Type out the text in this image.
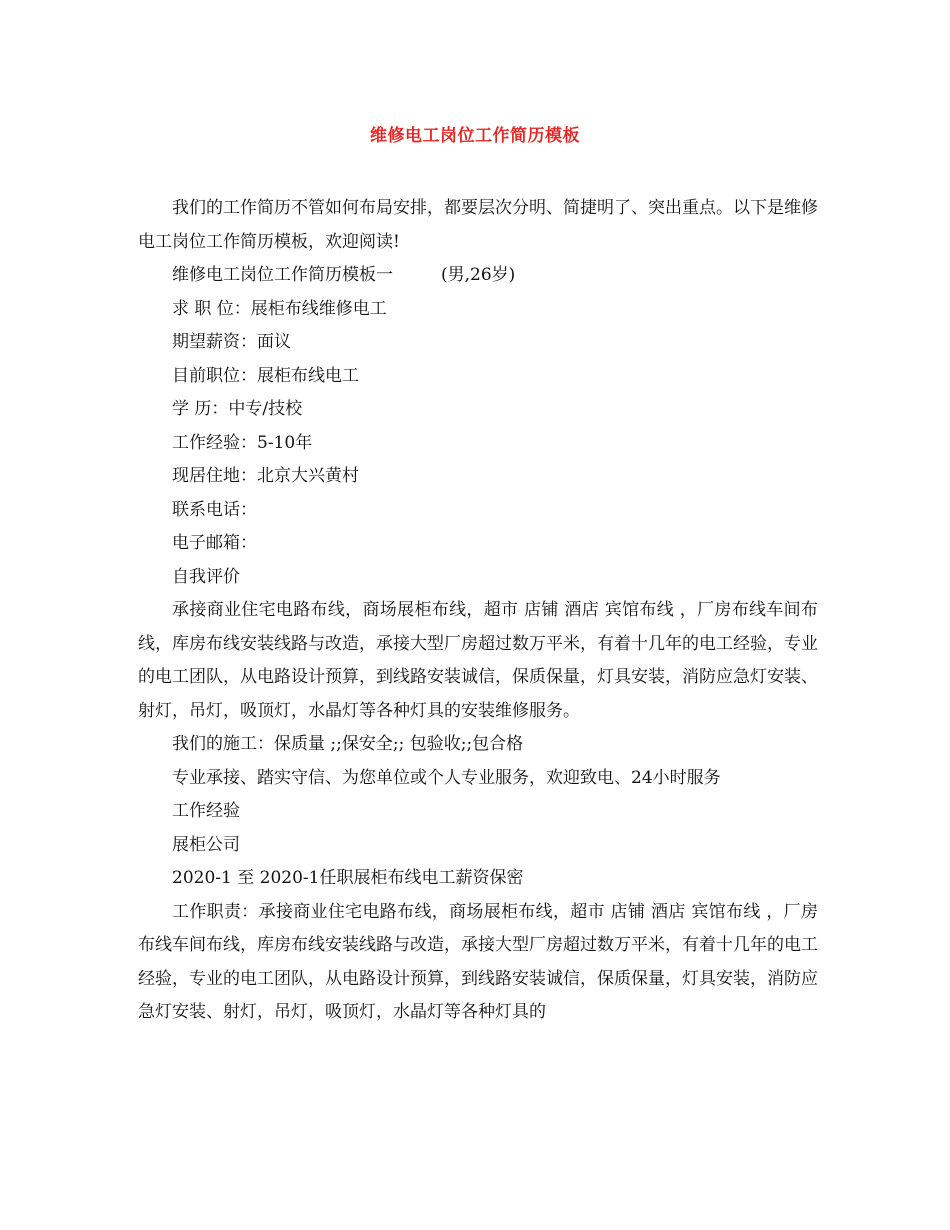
维修电工岗位工作简历模板

我们的工作简历不管如何布局安排，都要层次分明、简捷明了、突出重点。以下是维修电工岗位工作简历模板，欢迎阅读!

维修电工岗位工作简历模板一	(男,26岁)

求 职 位：展柜布线维修电工

期望薪资：面议

目前职位：展柜布线电工

学 历：中专/技校

工作经验：5-10年

现居住地：北京大兴黄村

联系电话：

电子邮箱：

自我评价

承接商业住宅电路布线，商场展柜布线，超市 店铺 酒店 宾馆布线 ，厂房布线车间布线，库房布线安装线路与改造，承接大型厂房超过数万平米，有着十几年的电工经验，专业的电工团队，从电路设计预算，到线路安装诚信，保质保量，灯具安装，消防应急灯安装、射灯，吊灯，吸顶灯，水晶灯等各种灯具的安装维修服务。

我们的施工：保质量 ;;保安全;; 包验收;;包合格

专业承接、踏实守信、为您单位或个人专业服务，欢迎致电、24小时服务

工作经验

展柜公司

2020-1 至 2020-1任职展柜布线电工薪资保密

工作职责：承接商业住宅电路布线，商场展柜布线，超市 店铺 酒店 宾馆布线 ，厂房布线车间布线，库房布线安装线路与改造，承接大型厂房超过数万平米，有着十几年的电工经验，专业的电工团队，从电路设计预算，到线路安装诚信，保质保量，灯具安装，消防应急灯安装、射灯，吊灯，吸顶灯，水晶灯等各种灯具的
